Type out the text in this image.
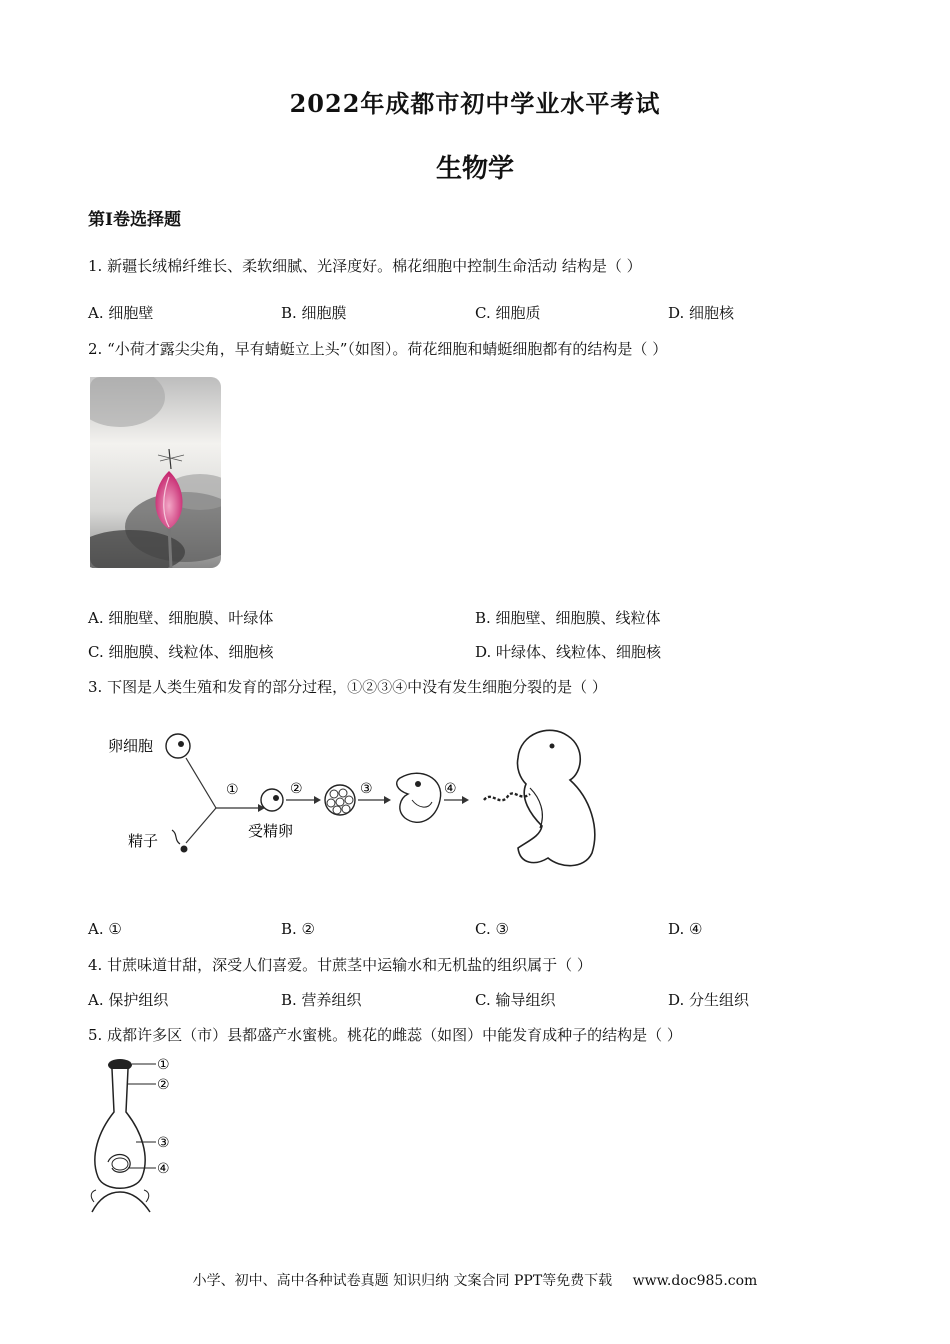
2022年成都市初中学业水平考试
生物学
第Ⅰ卷选择题
1. 新疆长绒棉纤维长、柔软细腻、光泽度好。棉花细胞中控制生命活动 结构是（ ）
A. 细胞壁	B. 细胞膜	C. 细胞质	D. 细胞核
2. “小荷才露尖尖角，早有蜻蜓立上头”（如图）。荷花细胞和蜻蜓细胞都有的结构是（ ）
A. 细胞壁、细胞膜、叶绿体	B. 细胞壁、细胞膜、线粒体
C. 细胞膜、线粒体、细胞核	D. 叶绿体、线粒体、细胞核
3. 下图是人类生殖和发育的部分过程，①②③④中没有发生细胞分裂的是（ ）
卵细胞
精子
①
受精卵
②	③	④
A. ①	B. ②	C. ③	D. ④
4. 甘蔗味道甘甜，深受人们喜爱。甘蔗茎中运输水和无机盐的组织属于（ ）
A. 保护组织	B. 营养组织	C. 输导组织	D. 分生组织
5. 成都许多区（市）县都盛产水蜜桃。桃花的雌蕊（如图）中能发育成种子的结构是（ ）
①
②
③
④
小学、初中、高中各种试卷真题 知识归纳 文案合同 PPT等免费下载 www.doc985.com
